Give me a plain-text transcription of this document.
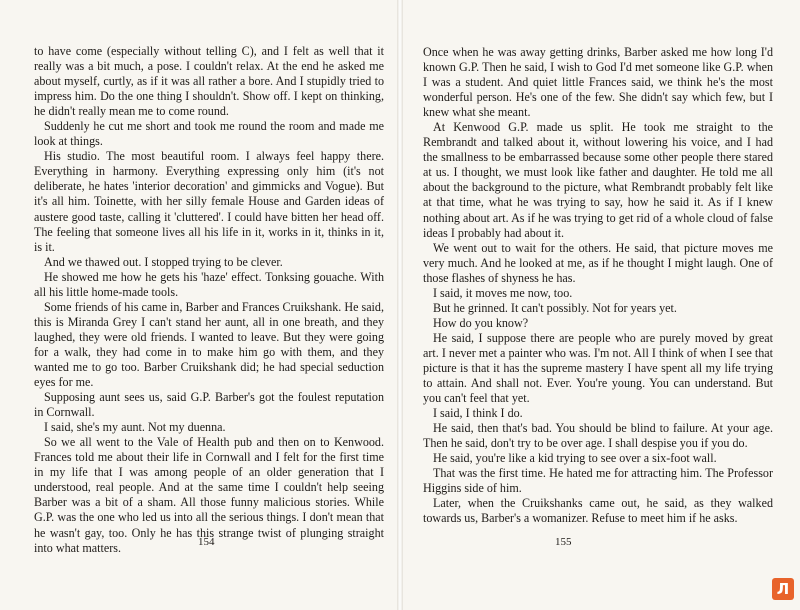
to have come (especially without telling C), and I felt as well that it really was a bit much, a pose. I couldn't relax. At the end he asked me about myself, curtly, as if it was all rather a bore. And I stupidly tried to impress him. Do the one thing I shouldn't. Show off. I kept on thinking, he didn't really mean me to come round.

Suddenly he cut me short and took me round the room and made me look at things.

His studio. The most beautiful room. I always feel happy there. Everything in harmony. Everything expressing only him (it's not deliberate, he hates 'interior decoration' and gimmicks and Vogue). But it's all him. Toinette, with her silly female House and Garden ideas of austere good taste, calling it 'cluttered'. I could have bitten her head off. The feeling that someone lives all his life in it, works in it, thinks in it, is it.

And we thawed out. I stopped trying to be clever.

He showed me how he gets his 'haze' effect. Tonksing gouache. With all his little home-made tools.

Some friends of his came in, Barber and Frances Cruikshank. He said, this is Miranda Grey I can't stand her aunt, all in one breath, and they laughed, they were old friends. I wanted to leave. But they were going for a walk, they had come in to make him go with them, and they wanted me to go too. Barber Cruikshank did; he had special seduction eyes for me.

Supposing aunt sees us, said G.P. Barber's got the foulest reputation in Cornwall.

I said, she's my aunt. Not my duenna.

So we all went to the Vale of Health pub and then on to Kenwood. Frances told me about their life in Cornwall and I felt for the first time in my life that I was among people of an older generation that I understood, real people. And at the same time I couldn't help seeing Barber was a bit of a sham. All those funny malicious stories. While G.P. was the one who led us into all the serious things. I don't mean that he wasn't gay, too. Only he has this strange twist of plunging straight into what matters.	154

Once when he was away getting drinks, Barber asked me how long I'd known G.P. Then he said, I wish to God I'd met someone like G.P. when I was a student. And quiet little Frances said, we think he's the most wonderful person. He's one of the few. She didn't say which few, but I knew what she meant.

At Kenwood G.P. made us split. He took me straight to the Rembrandt and talked about it, without lowering his voice, and I had the smallness to be embarrassed because some other people there stared at us. I thought, we must look like father and daughter. He told me all about the background to the picture, what Rembrandt probably felt like at that time, what he was trying to say, how he said it. As if I knew nothing about art. As if he was trying to get rid of a whole cloud of false ideas I probably had about it.

We went out to wait for the others. He said, that picture moves me very much. And he looked at me, as if he thought I might laugh. One of those flashes of shyness he has.

I said, it moves me now, too.

But he grinned. It can't possibly. Not for years yet.

How do you know?

He said, I suppose there are people who are purely moved by great art. I never met a painter who was. I'm not. All I think of when I see that picture is that it has the supreme mastery I have spent all my life trying to attain. And shall not. Ever. You're young. You can understand. But you can't feel that yet.

I said, I think I do.

He said, then that's bad. You should be blind to failure. At your age. Then he said, don't try to be over age. I shall despise you if you do.

He said, you're like a kid trying to see over a six-foot wall.

That was the first time. He hated me for attracting him. The Professor Higgins side of him.

Later, when the Cruikshanks came out, he said, as they walked towards us, Barber's a womanizer. Refuse to meet him if he asks.

155
Л
